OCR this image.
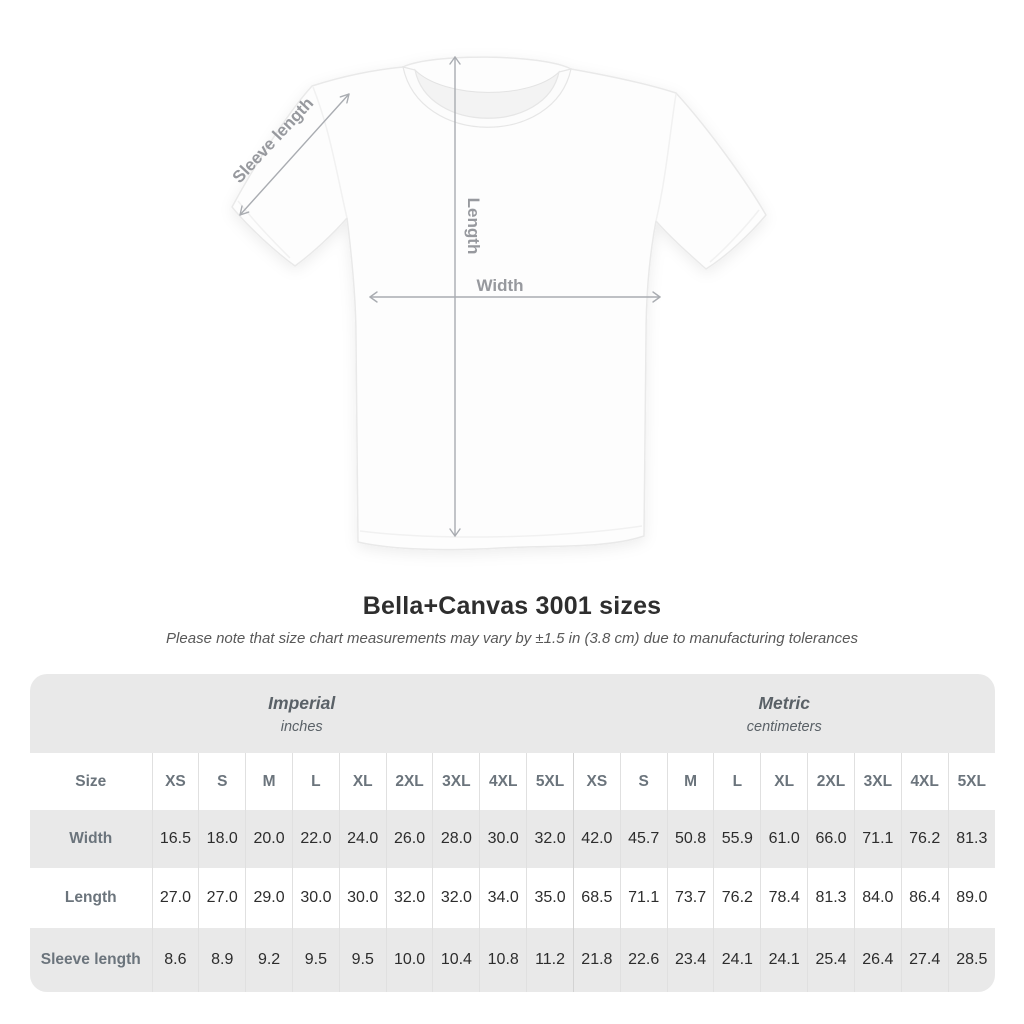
Width
Length
Sleeve length
Bella+Canvas 3001 sizes
Please note that size chart measurements may vary by ±1.5 in (3.8 cm) due to manufacturing tolerances
Imperial
inches

Metric
centimeters

Size	XS	S	M	L	XL	2XL	3XL	4XL	5XL	XS	S	M	L	XL	2XL	3XL	4XL	5XL
Width	16.5	18.0	20.0	22.0	24.0	26.0	28.0	30.0	32.0	42.0	45.7	50.8	55.9	61.0	66.0	71.1	76.2	81.3
Length	27.0	27.0	29.0	30.0	30.0	32.0	32.0	34.0	35.0	68.5	71.1	73.7	76.2	78.4	81.3	84.0	86.4	89.0
Sleeve length	8.6	8.9	9.2	9.5	9.5	10.0	10.4	10.8	11.2	21.8	22.6	23.4	24.1	24.1	25.4	26.4	27.4	28.5
